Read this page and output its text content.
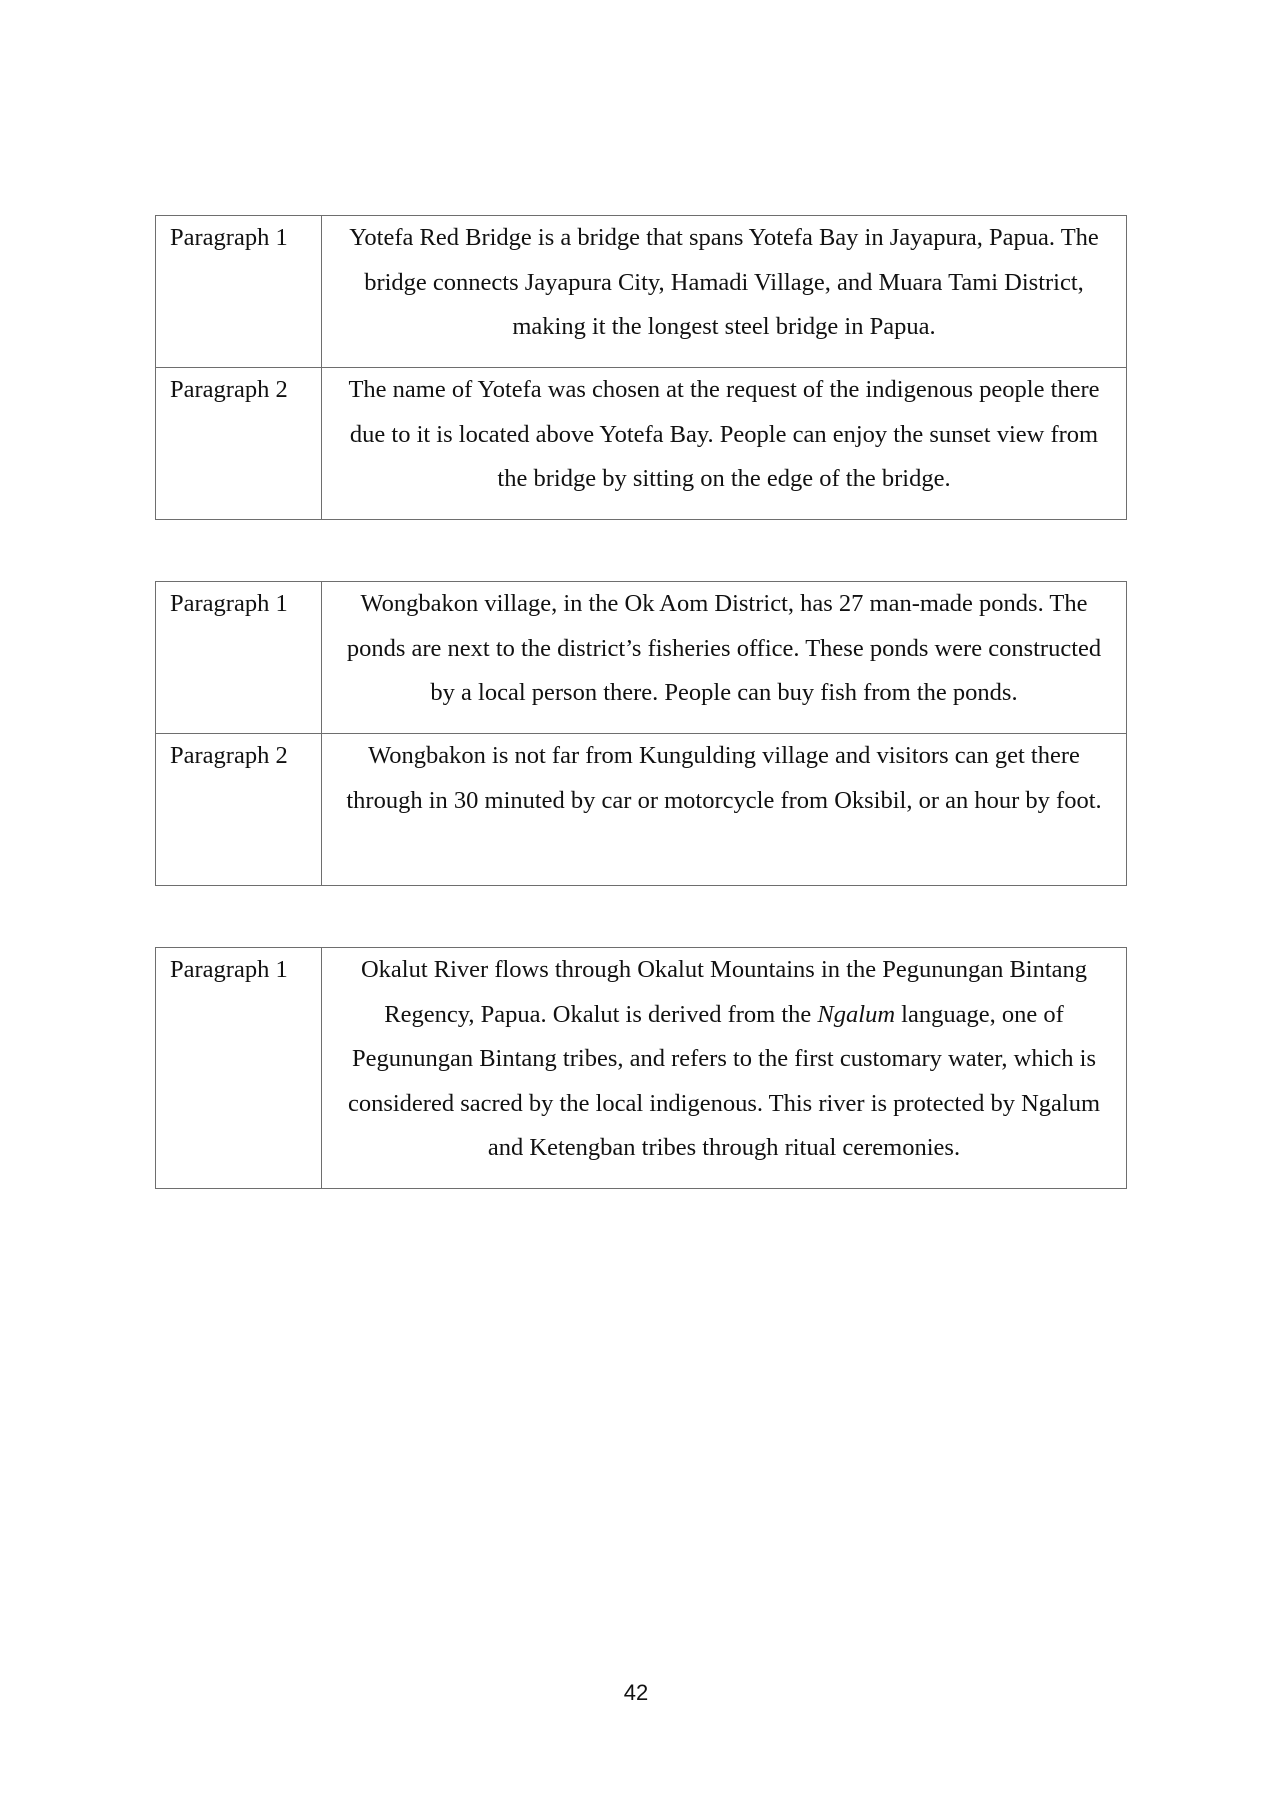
Paragraph 1	Yotefa Red Bridge is a bridge that spans Yotefa Bay in Jayapura, Papua. The bridge connects Jayapura City, Hamadi Village, and Muara Tami District, making it the longest steel bridge in Papua.
Paragraph 2	The name of Yotefa was chosen at the request of the indigenous people there due to it is located above Yotefa Bay. People can enjoy the sunset view from the bridge by sitting on the edge of the bridge.
Paragraph 1	Wongbakon village, in the Ok Aom District, has 27 man-made ponds. The ponds are next to the district’s fisheries office. These ponds were constructed by a local person there. People can buy fish from the ponds.
Paragraph 2	Wongbakon is not far from Kungulding village and visitors can get there through in 30 minuted by car or motorcycle from Oksibil, or an hour by foot.
Paragraph 1	Okalut River flows through Okalut Mountains in the Pegunungan Bintang Regency, Papua. Okalut is derived from the Ngalum language, one of Pegunungan Bintang tribes, and refers to the first customary water, which is considered sacred by the local indigenous. This river is protected by Ngalum and Ketengban tribes through ritual ceremonies.
42
